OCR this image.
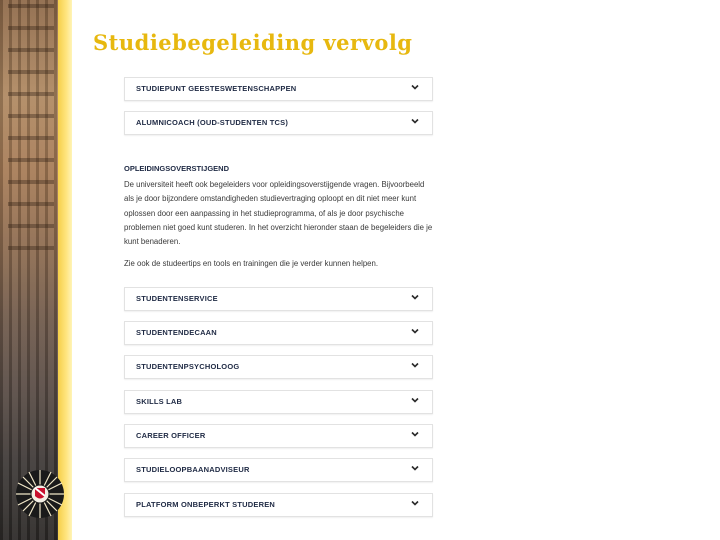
Studiebegeleiding vervolg
STUDIEPUNT GEESTESWETENSCHAPPEN
ALUMNICOACH (OUD-STUDENTEN TCS)

OPLEIDINGSOVERSTIJGEND

De universiteit heeft ook begeleiders voor opleidingsoverstijgende vragen. Bijvoorbeeld als je door bijzondere omstandigheden studievertraging oploopt en dit niet meer kunt oplossen door een aanpassing in het studieprogramma, of als je door psychische problemen niet goed kunt studeren. In het overzicht hieronder staan de begeleiders die je kunt benaderen.

Zie ook de studeertips en tools en trainingen die je verder kunnen helpen.

STUDENTENSERVICE
STUDENTENDECAAN
STUDENTENPSYCHOLOOG
SKILLS LAB
CAREER OFFICER
STUDIELOOPBAANADVISEUR
PLATFORM ONBEPERKT STUDEREN
